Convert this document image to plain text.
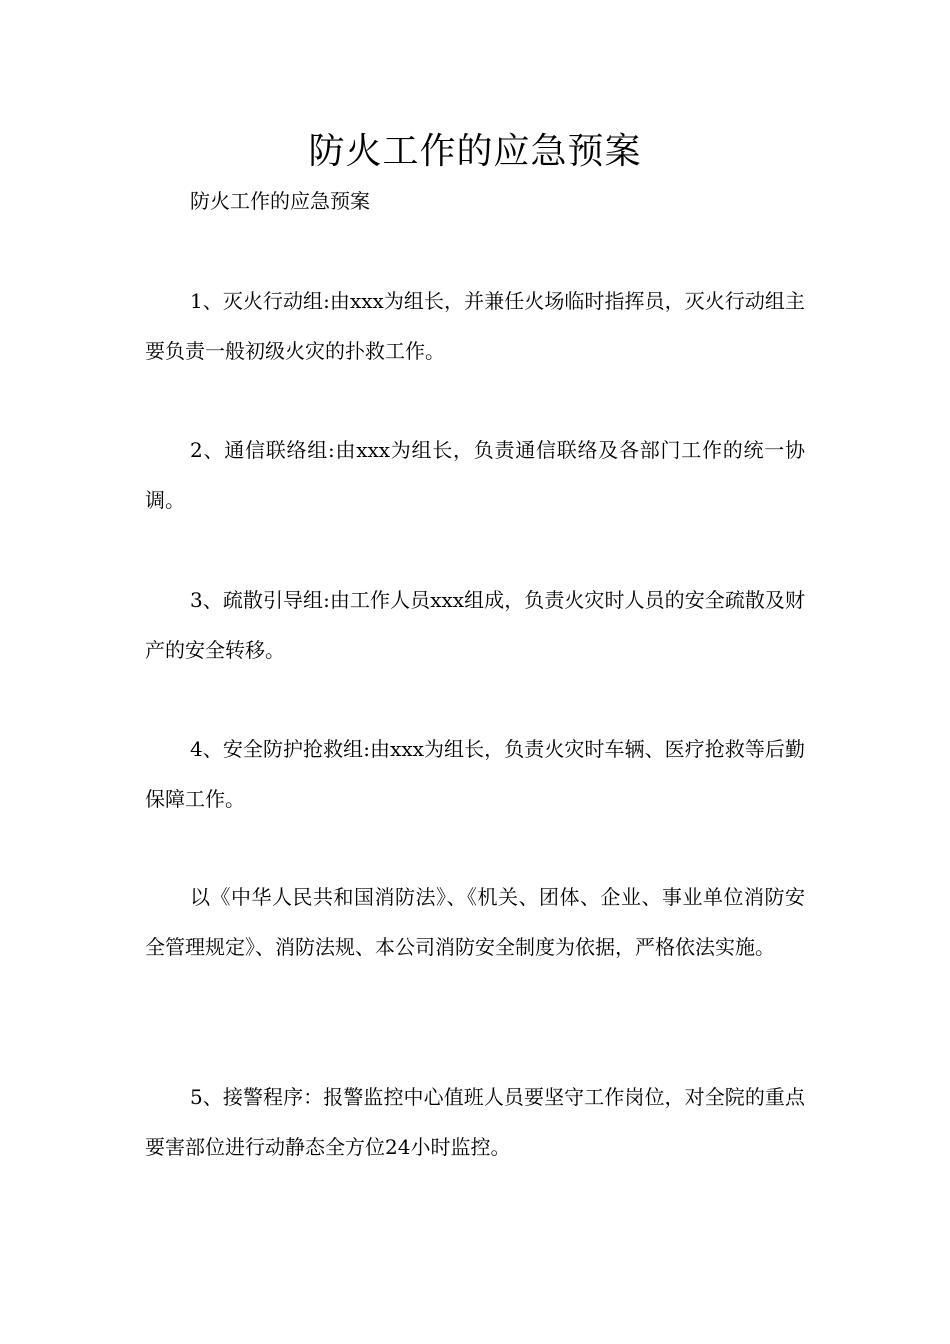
防火工作的应急预案

防火工作的应急预案

1、灭火行动组:由xxx为组长，并兼任火场临时指挥员，灭火行动组主要负责一般初级火灾的扑救工作。

2、通信联络组:由xxx为组长，负责通信联络及各部门工作的统一协调。

3、疏散引导组:由工作人员xxx组成，负责火灾时人员的安全疏散及财产的安全转移。

4、安全防护抢救组:由xxx为组长，负责火灾时车辆、医疗抢救等后勤保障工作。

以《中华人民共和国消防法》、《机关、团体、企业、事业单位消防安全管理规定》、消防法规、本公司消防安全制度为依据，严格依法实施。

5、接警程序：报警监控中心值班人员要坚守工作岗位，对全院的重点要害部位进行动静态全方位24小时监控。
